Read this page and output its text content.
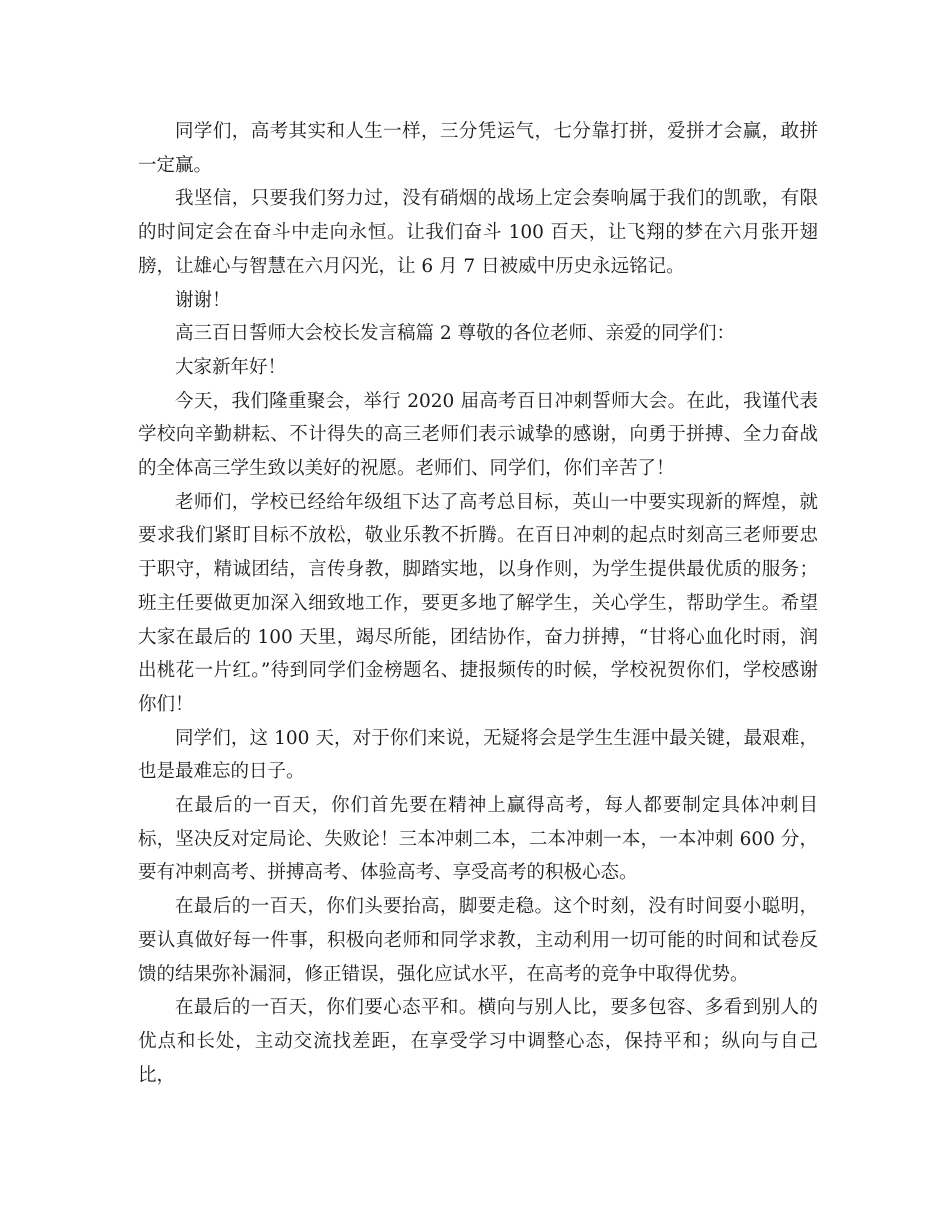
同学们，高考其实和人生一样，三分凭运气，七分靠打拼，爱拼才会赢，敢拼一定赢。

我坚信，只要我们努力过，没有硝烟的战场上定会奏响属于我们的凯歌，有限的时间定会在奋斗中走向永恒。让我们奋斗 100 百天，让飞翔的梦在六月张开翅膀，让雄心与智慧在六月闪光，让 6 月 7 日被威中历史永远铭记。

谢谢！

高三百日誓师大会校长发言稿篇 2 尊敬的各位老师、亲爱的同学们：

大家新年好！

今天，我们隆重聚会，举行 2020 届高考百日冲刺誓师大会。在此，我谨代表学校向辛勤耕耘、不计得失的高三老师们表示诚挚的感谢，向勇于拼搏、全力奋战的全体高三学生致以美好的祝愿。老师们、同学们，你们辛苦了！

老师们，学校已经给年级组下达了高考总目标，英山一中要实现新的辉煌，就要求我们紧盯目标不放松，敬业乐教不折腾。在百日冲刺的起点时刻高三老师要忠于职守，精诚团结，言传身教，脚踏实地，以身作则，为学生提供最优质的服务；班主任要做更加深入细致地工作，要更多地了解学生，关心学生，帮助学生。希望大家在最后的 100 天里，竭尽所能，团结协作，奋力拼搏，“甘将心血化时雨，润出桃花一片红。”待到同学们金榜题名、捷报频传的时候，学校祝贺你们，学校感谢你们！

同学们，这 100 天，对于你们来说，无疑将会是学生生涯中最关键，最艰难，也是最难忘的日子。

在最后的一百天，你们首先要在精神上赢得高考，每人都要制定具体冲刺目标，坚决反对定局论、失败论！三本冲刺二本，二本冲刺一本，一本冲刺 600 分，要有冲刺高考、拼搏高考、体验高考、享受高考的积极心态。

在最后的一百天，你们头要抬高，脚要走稳。这个时刻，没有时间耍小聪明，要认真做好每一件事，积极向老师和同学求教，主动利用一切可能的时间和试卷反馈的结果弥补漏洞，修正错误，强化应试水平，在高考的竞争中取得优势。

在最后的一百天，你们要心态平和。横向与别人比，要多包容、多看到别人的优点和长处，主动交流找差距，在享受学习中调整心态，保持平和；纵向与自己比，
